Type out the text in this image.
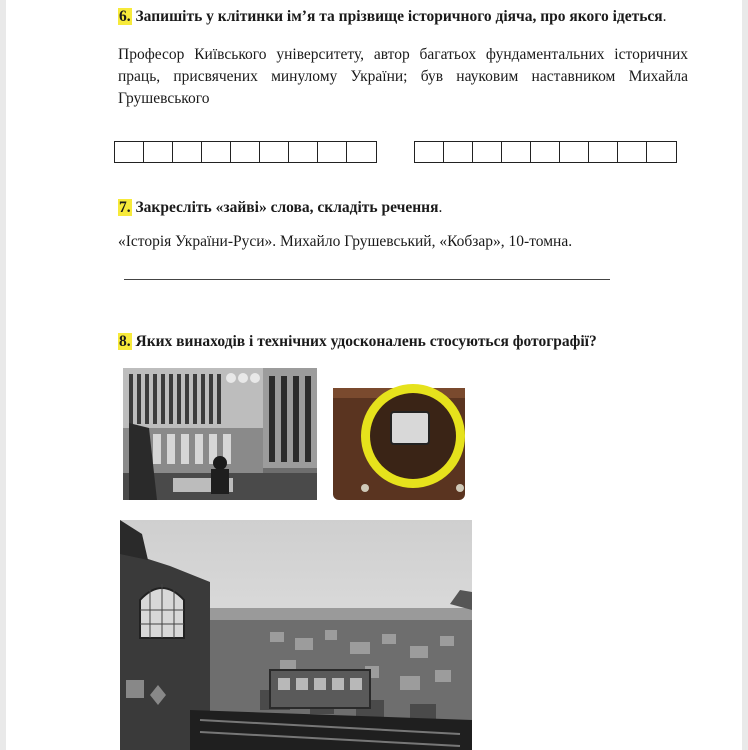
6. Запишіть у клітинки ім’я та прізвище історичного діяча, про якого ідеться.
Професор Київського університету, автор багатьох фундаментальних історичних праць, присвячених минулому України; був науковим наставником Михайла Грушевського
7. Закресліть «зайві» слова, складіть речення.
«Історія України-Руси». Михайло Грушевський, «Кобзар», 10-томна.
8. Яких винаходів і технічних удосконалень стосуються фотографії?
